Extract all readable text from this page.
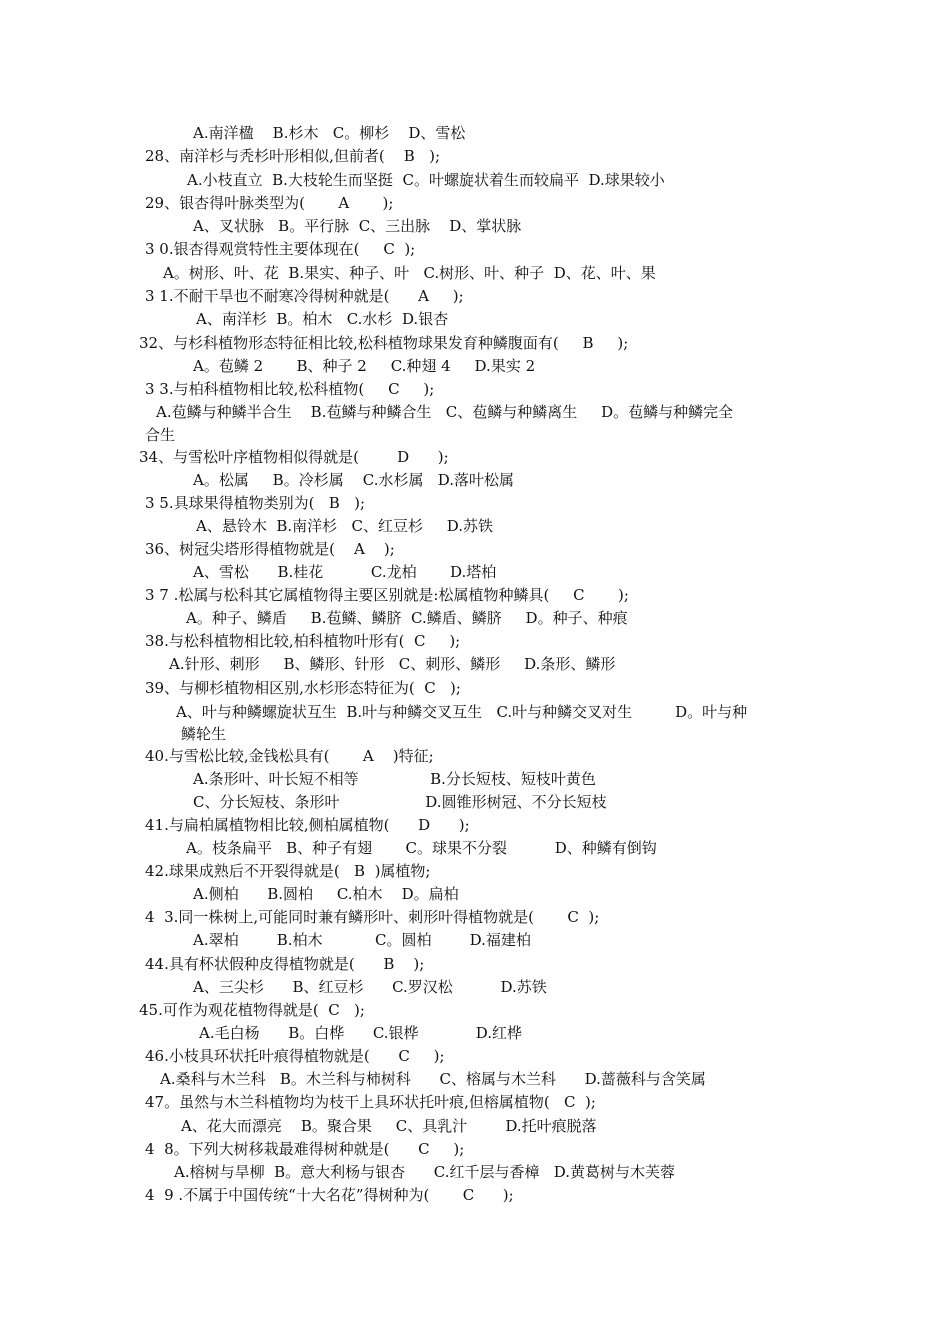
A.南洋楹    B.杉木   C。柳杉    D、雪松
28、南洋杉与秃杉叶形相似,但前者(    B   );
A.小枝直立  B.大枝轮生而坚挺  C。叶螺旋状着生而较扁平  D.球果较小
29、银杏得叶脉类型为(       A       );
A、叉状脉   B。平行脉  C、三出脉    D、掌状脉
3 0.银杏得观赏特性主要体现在(     C  );
A。树形、叶、花  B.果实、种子、叶   C.树形、叶、种子  D、花、叶、果
3 1.不耐干旱也不耐寒冷得树种就是(      A     );
A、南洋杉  B。柏木   C.水杉  D.银杏
32、与杉科植物形态特征相比较,松科植物球果发育种鳞腹面有(     B     );
A。苞鳞 2       B、种子 2     C.种翅 4     D.果实 2
3 3.与柏科植物相比较,松科植物(     C     );
A.苞鳞与种鳞半合生    B.苞鳞与种鳞合生   C、苞鳞与种鳞离生     D。苞鳞与种鳞完全
合生
34、与雪松叶序植物相似得就是(        D      );
A。松属     B。冷杉属    C.水杉属   D.落叶松属
3 5.具球果得植物类别为(   B   );
A、悬铃木  B.南洋杉   C、红豆杉     D.苏铁
36、树冠尖塔形得植物就是(    A    );
A、雪松      B.桂花          C.龙柏       D.塔柏
3 7 .松属与松科其它属植物得主要区别就是:松属植物种鳞具(     C       );
A。种子、鳞盾     B.苞鳞、鳞脐  C.鳞盾、鳞脐     D。种子、种痕
38.与松科植物相比较,柏科植物叶形有(  C     );
A.针形、刺形     B、鳞形、针形   C、刺形、鳞形     D.条形、鳞形
39、与柳杉植物相区别,水杉形态特征为(  C   );
A、叶与种鳞螺旋状互生  B.叶与种鳞交叉互生   C.叶与种鳞交叉对生         D。叶与种
鳞轮生
40.与雪松比较,金钱松具有(       A    )特征;
A.条形叶、叶长短不相等               B.分长短枝、短枝叶黄色
C、分长短枝、条形叶                  D.圆锥形树冠、不分长短枝
41.与扁柏属植物相比较,侧柏属植物(      D      );
A。枝条扁平   B、种子有翅       C。球果不分裂          D、种鳞有倒钩
42.球果成熟后不开裂得就是(   B  )属植物;
A.侧柏      B.圆柏     C.柏木    D。扁柏
4  3.同一株树上,可能同时兼有鳞形叶、刺形叶得植物就是(       C  );
A.翠柏        B.柏木           C。圆柏        D.福建柏
44.具有杯状假种皮得植物就是(      B    );
A、三尖杉      B、红豆杉      C.罗汉松          D.苏铁
45.可作为观花植物得就是(  C   );
A.毛白杨      B。白桦      C.银桦            D.红桦
46.小枝具环状托叶痕得植物就是(      C     );
A.桑科与木兰科   B。木兰科与柿树科      C、榕属与木兰科      D.蔷薇科与含笑属
47。虽然与木兰科植物均为枝干上具环状托叶痕,但榕属植物(   C  );
A、花大而漂亮    B。聚合果     C、具乳汁        D.托叶痕脱落
4  8。下列大树移栽最难得树种就是(      C     );
A.榕树与旱柳  B。意大利杨与银杏      C.红千层与香樟   D.黄葛树与木芙蓉
4  9 .不属于中国传统“十大名花”得树种为(       C      );
